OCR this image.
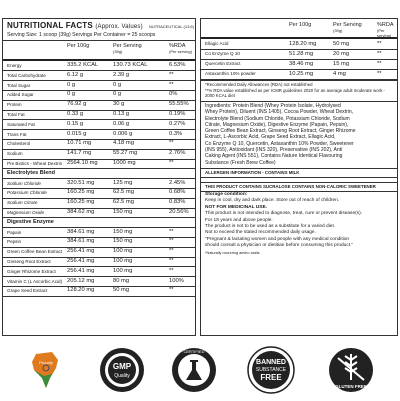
NUTRITIONAL FACTS (Approx. Values) NUTRACEUTICAL (13.6)
Serving Size: 1 scoop (39g) Servings Per Container = 25 scoops
Per 100g	Per Serving
(39g)
%RDA
(Per serving)
Energy	335.2 KCAL	130.73 KCAL	6.53%
Total Carbohydrate	6.12 g	2.39 g	**
Total Sugar	0 g	0 g	**
Added Sugar	0 g	0 g	0%
Protein	76.92 g	30 g	55.55%
Total Fat	0.33 g	0.13 g	0.19%
Saturated Fat	0.15 g	0.06 g	0.27%
Trans Fat	0.015 g	0.006 g	0.3%
Cholesterol	10.71 mg	4.18 mg	**
Sodium	141.7 mg	55.27 mg	2.76%
Pre Biotics - Wheat Dextrin 2564.10 mg	1000 mg	**
Electrolytes Blend
Sodium Chloride	320.51 mg	125 mg	2.45%
Potassium Chloride	160.25 mg	62.5 mg	0.68%
Sodium Citrate	160.25 mg	62.5 mg	0.83%
Magnesium Oxide	384.62 mg	150 mg	20.56%
Digestive Enzyme
Papain	384.61 mg	150 mg	**
Pepsin	384.61 mg	150 mg	**
Green Coffee Bean Extract 256.41 mg	100 mg	**
Ginseng Root Extract	256.41 mg	100 mg	**
Ginger Rhizome Extract 256.41 mg	100 mg	**
Vitamin C (L Ascorbic Acid) 205.12 mg	80 mg	100%
Grape Seed Extract	128.20 mg	50 mg	**
Per 100g	Per Serving
(39g)
%RDA
(Per serving)
Ellagic Acid	128.20 mg	50 mg	**
Co Enzyme Q 10	51.28 mg	20 mg	**
Quercetin Extract	38.46 mg	15 mg	**
Astaxanthin 10% powder	10.25 mg	4 mg	**
*Recommended Daily Allowances (RDA) not established
**% RDA value established as per ICMR guidelines 2020 for an average adult moderate work - 2000 KCAL diet
Ingredients: Protein Blend (Whey Protein Isolate, Hydrolysed
Whey Protein), Diluent (INS 1405), Cocoa Powder, Wheat Dextrin,
Electrolyte Blend (Sodium Chloride, Potassium Chloride, Sodium
Citrate, Magnesium Oxide), Digestive Enzyme (Papain, Pepsin),
Green Coffee Bean Extract, Ginseng Root Extract, Ginger Rhizome
Extract, L-Ascorbic Acid, Grape Seed Extract, Ellagic Acid,
Co Enzyme Q 10, Quercetin, Astaxanthin 10% Powder, Sweetener
(INS 955), Antioxidant (INS 320), Preservative (INS 202), Anti
Caking Agent (INS 551), Contains Nature Identical Flavouring
Substance (Fresh Brew Coffee)
ALLERGEN INFORMATION - CONTAINS MILK
THIS PRODUCT CONTAINS SUCRALOSE CONTAINS NON-CALORIC SWEETENER
Storage condition:
Keep in cool, dry and dark place. Store out of reach of children.
NOT FOR MEDICINAL USE.
This product is not intended to diagnose, treat, cure or prevent disease(s).
For 18 years and above people.
The product is not to be used as a substitute for a varied diet.
Not to exceed the stated recommended daily usage.
"Pregnant & lactating women and people with any medical condition
should consult a physician or dietitian before consuming this product."
*Naturally occurring amino acids.
Proudly	GMP
Quality
CERTIFIED
BANNED
SUBSTANCE
FREE
GLUTEN FREE
